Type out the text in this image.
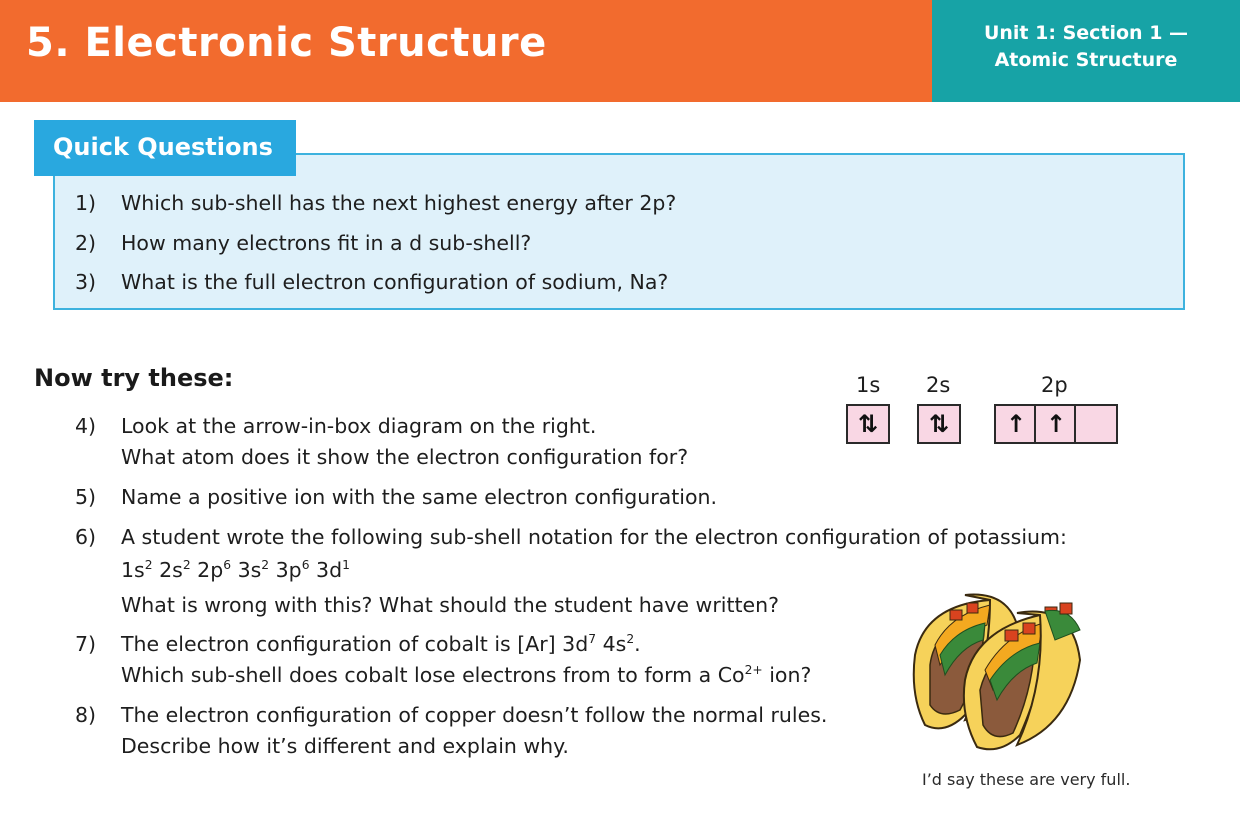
5. Electronic Structure	Unit 1: Section 1 —
Atomic Structure
Quick Questions
1) Which sub-shell has the next highest energy after 2p?
2) How many electrons fit in a d sub-shell?
3) What is the full electron configuration of sodium, Na?
Now try these:
4) Look at the arrow-in-box diagram on the right.
What atom does it show the electron configuration for?
5) Name a positive ion with the same electron configuration.
6) A student wrote the following sub-shell notation for the electron configuration of potassium:
$1s^2$ $2s^2$ $2p^6$ $3s^2$ $3p^6$ $3d^1$
What is wrong with this? What should the student have written?
7) The electron configuration of cobalt is [Ar] $3d^7$ $4s^2$.
Which sub-shell does cobalt lose electrons from to form a $Co^{2+}$ ion?
8) The electron configuration of copper doesn’t follow the normal rules.
Describe how it’s different and explain why.
1s 2s	2p
⇅	⇅	↑ ↑
I’d say these are very full.
